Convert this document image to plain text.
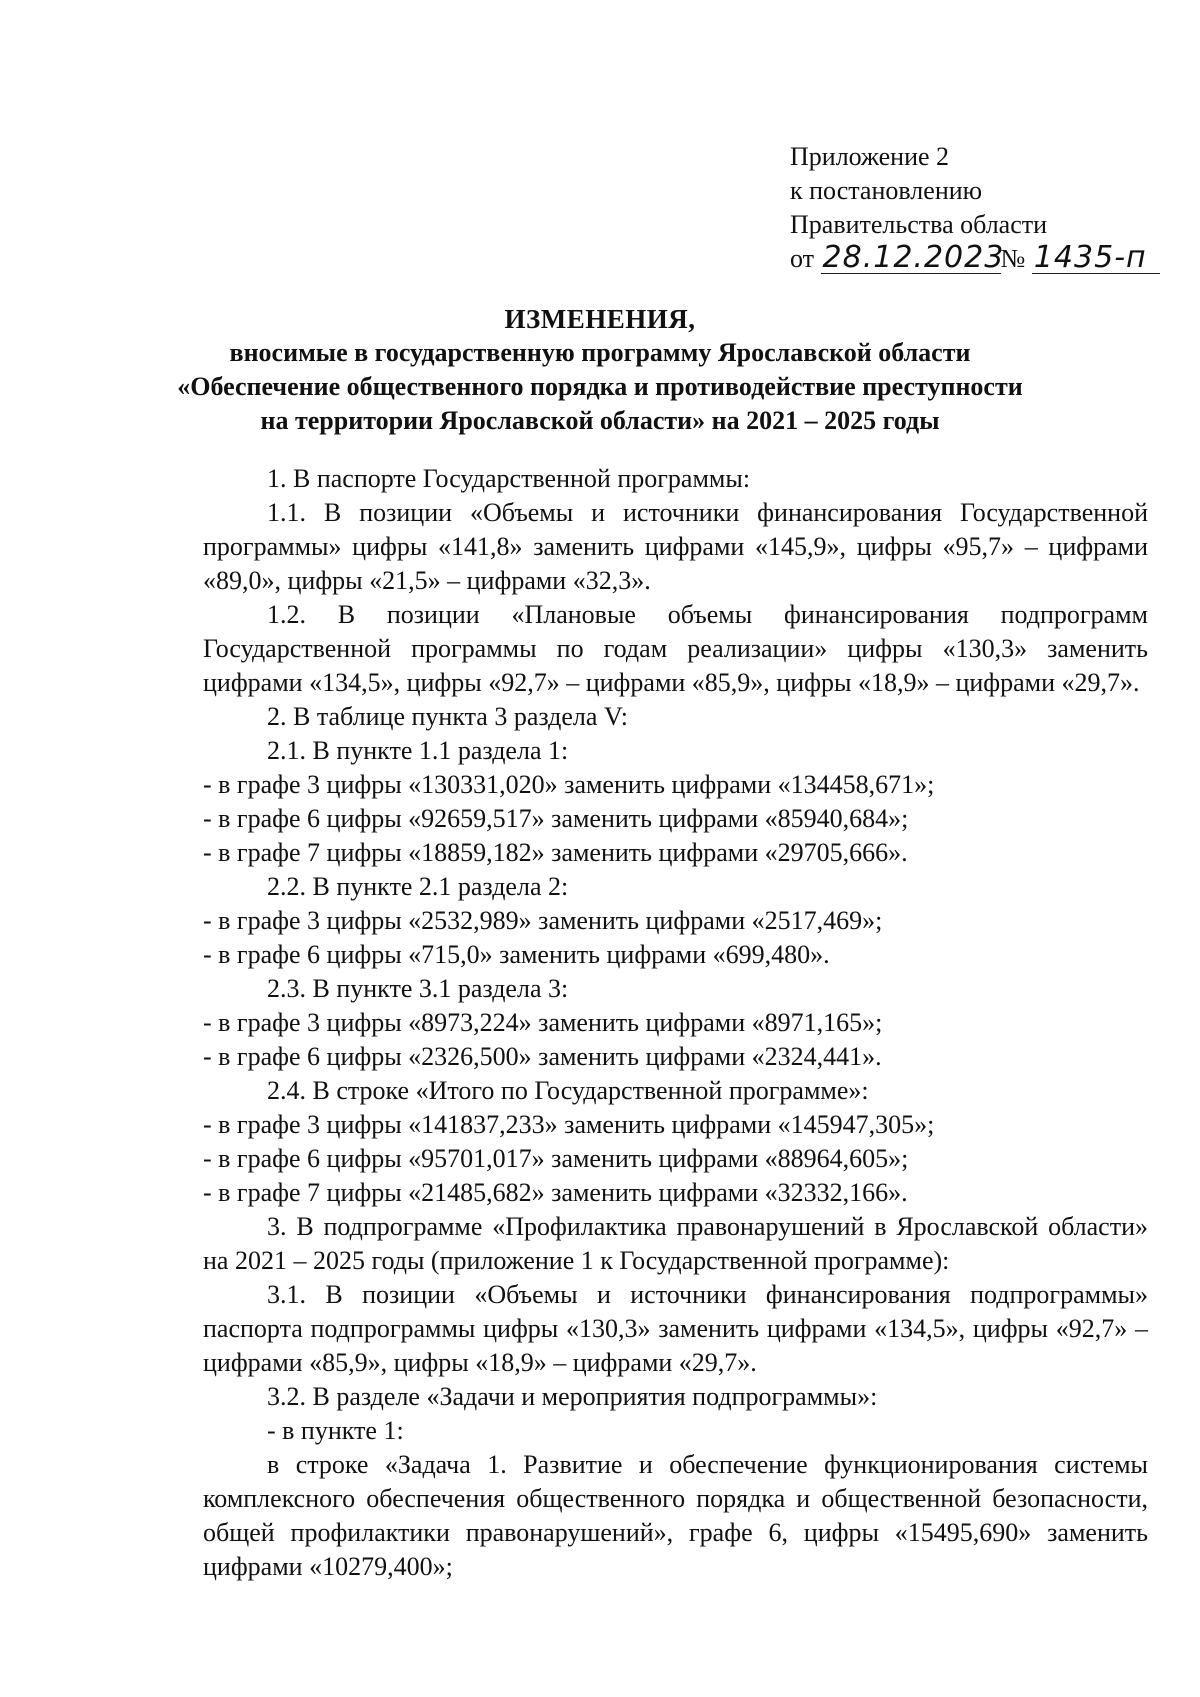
Приложение 2
к постановлению
Правительства области
от 28.12.2023№ 1435-п
ИЗМЕНЕНИЯ,
вносимые в государственную программу Ярославской области
«Обеспечение общественного порядка и противодействие преступности
на территории Ярославской области» на 2021 – 2025 годы

1. В паспорте Государственной программы:

1.1. В позиции «Объемы и источники финансирования Государственной программы» цифры «141,8» заменить цифрами «145,9», цифры «95,7» – цифрами «89,0», цифры «21,5» – цифрами «32,3».

1.2. В позиции «Плановые объемы финансирования подпрограмм Государственной программы по годам реализации» цифры «130,3» заменить цифрами «134,5», цифры «92,7» – цифрами «85,9», цифры «18,9» – цифрами «29,7».

2. В таблице пункта 3 раздела V:

2.1. В пункте 1.1 раздела 1:

- в графе 3 цифры «130331,020» заменить цифрами «134458,671»;

- в графе 6 цифры «92659,517» заменить цифрами «85940,684»;

- в графе 7 цифры «18859,182» заменить цифрами «29705,666».

2.2. В пункте 2.1 раздела 2:

- в графе 3 цифры «2532,989» заменить цифрами «2517,469»;

- в графе 6 цифры «715,0» заменить цифрами «699,480».

2.3. В пункте 3.1 раздела 3:

- в графе 3 цифры «8973,224» заменить цифрами «8971,165»;

- в графе 6 цифры «2326,500» заменить цифрами «2324,441».

2.4. В строке «Итого по Государственной программе»:

- в графе 3 цифры «141837,233» заменить цифрами «145947,305»;

- в графе 6 цифры «95701,017» заменить цифрами «88964,605»;

- в графе 7 цифры «21485,682» заменить цифрами «32332,166».

3. В подпрограмме «Профилактика правонарушений в Ярославской области» на 2021 – 2025 годы (приложение 1 к Государственной программе):

3.1. В позиции «Объемы и источники финансирования подпрограммы» паспорта подпрограммы цифры «130,3» заменить цифрами «134,5», цифры «92,7» – цифрами «85,9», цифры «18,9» – цифрами «29,7».

3.2. В разделе «Задачи и мероприятия подпрограммы»:

- в пункте 1:

в строке «Задача 1. Развитие и обеспечение функционирования системы комплексного обеспечения общественного порядка и общественной безопасности, общей профилактики правонарушений», графе 6, цифры «15495,690» заменить цифрами «10279,400»;
